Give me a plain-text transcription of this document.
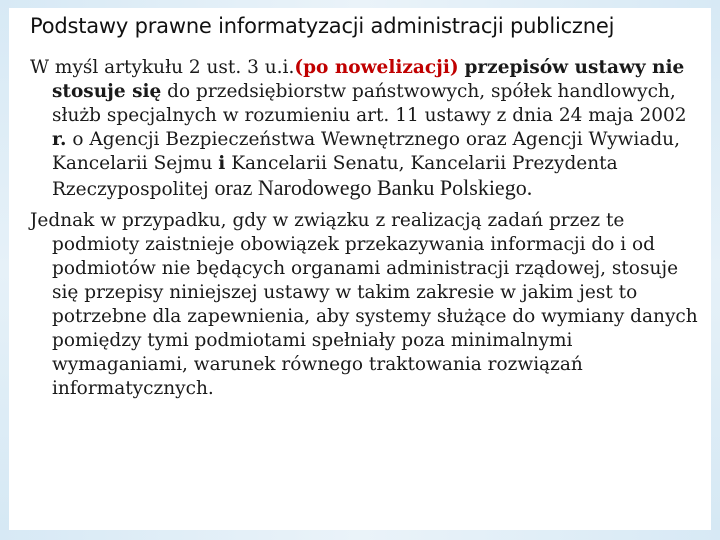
Podstawy prawne informatyzacji administracji publicznej

W myśl artykułu 2 ust. 3 u.i.(po nowelizacji) przepisów ustawy nie stosuje się do przedsiębiorstw państwowych, spółek handlowych, służb specjalnych w rozumieniu art. 11 ustawy z dnia 24 maja 2002 r. o Agencji Bezpieczeństwa Wewnętrznego oraz Agencji Wywiadu, Kancelarii Sejmu i Kancelarii Senatu, Kancelarii Prezydenta Rzeczypospolitej oraz Narodowego Banku Polskiego.

Jednak w przypadku, gdy w związku z realizacją zadań przez te podmioty zaistnieje obowiązek przekazywania informacji do i od podmiotów nie będących organami administracji rządowej, stosuje się przepisy niniejszej ustawy w takim zakresie w jakim jest to potrzebne dla zapewnienia, aby systemy służące do wymiany danych pomiędzy tymi podmiotami spełniały poza minimalnymi wymaganiami, warunek równego traktowania rozwiązań informatycznych.
